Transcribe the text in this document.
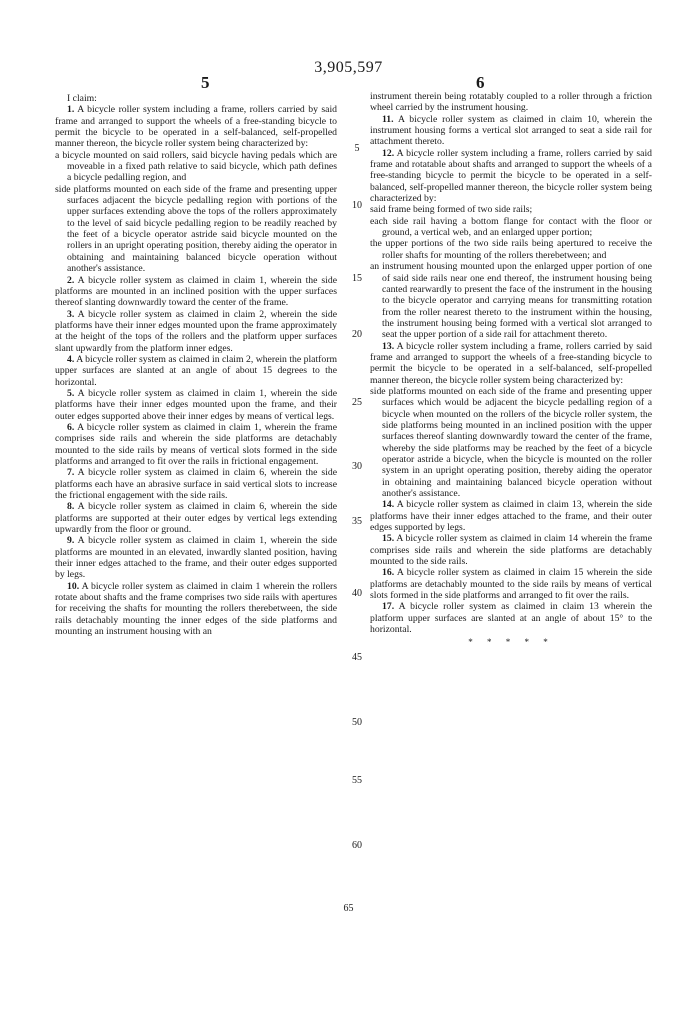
3,905,597
5	6

I claim:

1. A bicycle roller system including a frame, rollers carried by said frame and arranged to support the wheels of a free-standing bicycle to permit the bicycle to be operated in a self-balanced, self-propelled manner thereon, the bicycle roller system being characterized by:

a bicycle mounted on said rollers, said bicycle having pedals which are moveable in a fixed path relative to said bicycle, which path defines a bicycle pedalling region, and

side platforms mounted on each side of the frame and presenting upper surfaces adjacent the bicycle pedalling region with portions of the upper surfaces extending above the tops of the rollers approximately to the level of said bicycle pedalling region to be readily reached by the feet of a bicycle operator astride said bicycle mounted on the rollers in an upright operating position, thereby aiding the operator in obtaining and maintaining balanced bicycle operation without another's assistance.

2. A bicycle roller system as claimed in claim 1, wherein the side platforms are mounted in an inclined position with the upper surfaces thereof slanting downwardly toward the center of the frame.

3. A bicycle roller system as claimed in claim 2, wherein the side platforms have their inner edges mounted upon the frame approximately at the height of the tops of the rollers and the platform upper surfaces slant upwardly from the platform inner edges.

4. A bicycle roller system as claimed in claim 2, wherein the platform upper surfaces are slanted at an angle of about 15 degrees to the horizontal.

5. A bicycle roller system as claimed in claim 1, wherein the side platforms have their inner edges mounted upon the frame, and their outer edges supported above their inner edges by means of vertical legs.

6. A bicycle roller system as claimed in claim 1, wherein the frame comprises side rails and wherein the side platforms are detachably mounted to the side rails by means of vertical slots formed in the side platforms and arranged to fit over the rails in frictional engagement.

7. A bicycle roller system as claimed in claim 6, wherein the side platforms each have an abrasive surface in said vertical slots to increase the frictional engagement with the side rails.

8. A bicycle roller system as claimed in claim 6, wherein the side platforms are supported at their outer edges by vertical legs extending upwardly from the floor or ground.

9. A bicycle roller system as claimed in claim 1, wherein the side platforms are mounted in an elevated, inwardly slanted position, having their inner edges attached to the frame, and their outer edges supported by legs.

10. A bicycle roller system as claimed in claim 1 wherein the rollers rotate about shafts and the frame comprises two side rails with apertures for receiving the shafts for mounting the rollers therebetween, the side rails detachably mounting the inner edges of the side platforms and mounting an instrument housing with an

instrument therein being rotatably coupled to a roller through a friction wheel carried by the instrument housing.

11. A bicycle roller system as claimed in claim 10, wherein the instrument housing forms a vertical slot arranged to seat a side rail for attachment thereto.

12. A bicycle roller system including a frame, rollers carried by said frame and rotatable about shafts and arranged to support the wheels of a free-standing bicycle to permit the bicycle to be operated in a self-balanced, self-propelled manner thereon, the bicycle roller system being characterized by:

said frame being formed of two side rails;

each side rail having a bottom flange for contact with the floor or ground, a vertical web, and an enlarged upper portion;

the upper portions of the two side rails being apertured to receive the roller shafts for mounting of the rollers therebetween; and

an instrument housing mounted upon the enlarged upper portion of one of said side rails near one end thereof, the instrument housing being canted rearwardly to present the face of the instrument in the housing to the bicycle operator and carrying means for transmitting rotation from the roller nearest thereto to the instrument within the housing, the instrument housing being formed with a vertical slot arranged to seat the upper portion of a side rail for attachment thereto.

13. A bicycle roller system including a frame, rollers carried by said frame and arranged to support the wheels of a free-standing bicycle to permit the bicycle to be operated in a self-balanced, self-propelled manner thereon, the bicycle roller system being characterized by:

side platforms mounted on each side of the frame and presenting upper surfaces which would be adjacent the bicycle pedalling region of a bicycle when mounted on the rollers of the bicycle roller system, the side platforms being mounted in an inclined position with the upper surfaces thereof slanting downwardly toward the center of the frame, whereby the side platforms may be reached by the feet of a bicycle operator astride a bicycle, when the bicycle is mounted on the roller system in an upright operating position, thereby aiding the operator in obtaining and maintaining balanced bicycle operation without another's assistance.

14. A bicycle roller system as claimed in claim 13, wherein the side platforms have their inner edges attached to the frame, and their outer edges supported by legs.

15. A bicycle roller system as claimed in claim 14 wherein the frame comprises side rails and wherein the side platforms are detachably mounted to the side rails.

16. A bicycle roller system as claimed in claim 15 wherein the side platforms are detachably mounted to the side rails by means of vertical slots formed in the side platforms and arranged to fit over the rails.

17. A bicycle roller system as claimed in claim 13 wherein the platform upper surfaces are slanted at an angle of about 15° to the horizontal.

* * * * *
5
10
15
20
25
30
35
40
45
50
55
60
65
